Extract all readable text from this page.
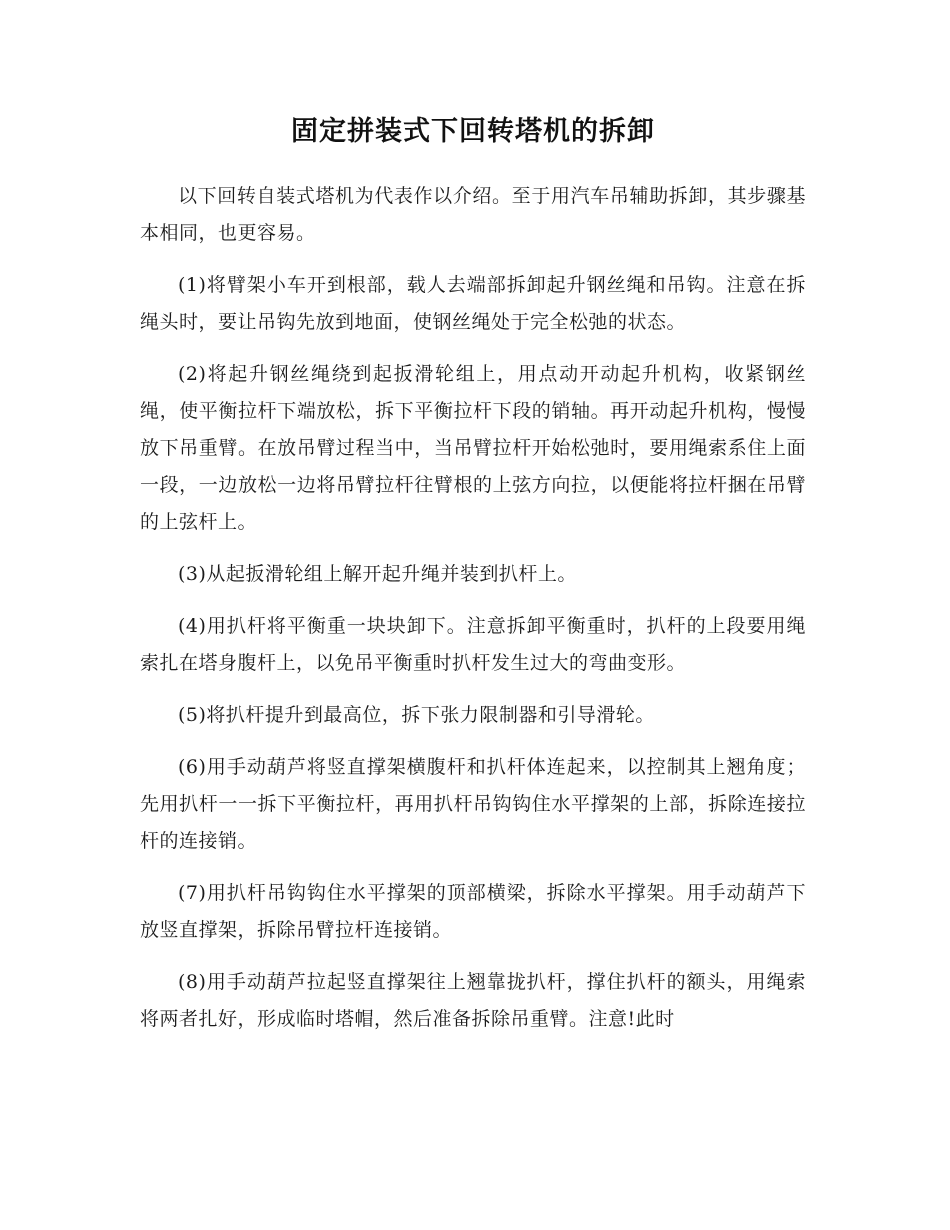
固定拼装式下回转塔机的拆卸

以下回转自装式塔机为代表作以介绍。至于用汽车吊辅助拆卸，其步骤基本相同，也更容易。

(1)将臂架小车开到根部，载人去端部拆卸起升钢丝绳和吊钩。注意在拆绳头时，要让吊钩先放到地面，使钢丝绳处于完全松弛的状态。

(2)将起升钢丝绳绕到起扳滑轮组上，用点动开动起升机构，收紧钢丝绳，使平衡拉杆下端放松，拆下平衡拉杆下段的销轴。再开动起升机构，慢慢放下吊重臂。在放吊臂过程当中，当吊臂拉杆开始松弛时，要用绳索系住上面一段，一边放松一边将吊臂拉杆往臂根的上弦方向拉，以便能将拉杆捆在吊臂的上弦杆上。

(3)从起扳滑轮组上解开起升绳并装到扒杆上。

(4)用扒杆将平衡重一块块卸下。注意拆卸平衡重时，扒杆的上段要用绳索扎在塔身腹杆上，以免吊平衡重时扒杆发生过大的弯曲变形。

(5)将扒杆提升到最高位，拆下张力限制器和引导滑轮。

(6)用手动葫芦将竖直撑架横腹杆和扒杆体连起来，以控制其上翘角度；先用扒杆一一拆下平衡拉杆，再用扒杆吊钩钩住水平撑架的上部，拆除连接拉杆的连接销。

(7)用扒杆吊钩钩住水平撑架的顶部横梁，拆除水平撑架。用手动葫芦下放竖直撑架，拆除吊臂拉杆连接销。

(8)用手动葫芦拉起竖直撑架往上翘靠拢扒杆，撑住扒杆的额头，用绳索将两者扎好，形成临时塔帽，然后准备拆除吊重臂。注意!此时
